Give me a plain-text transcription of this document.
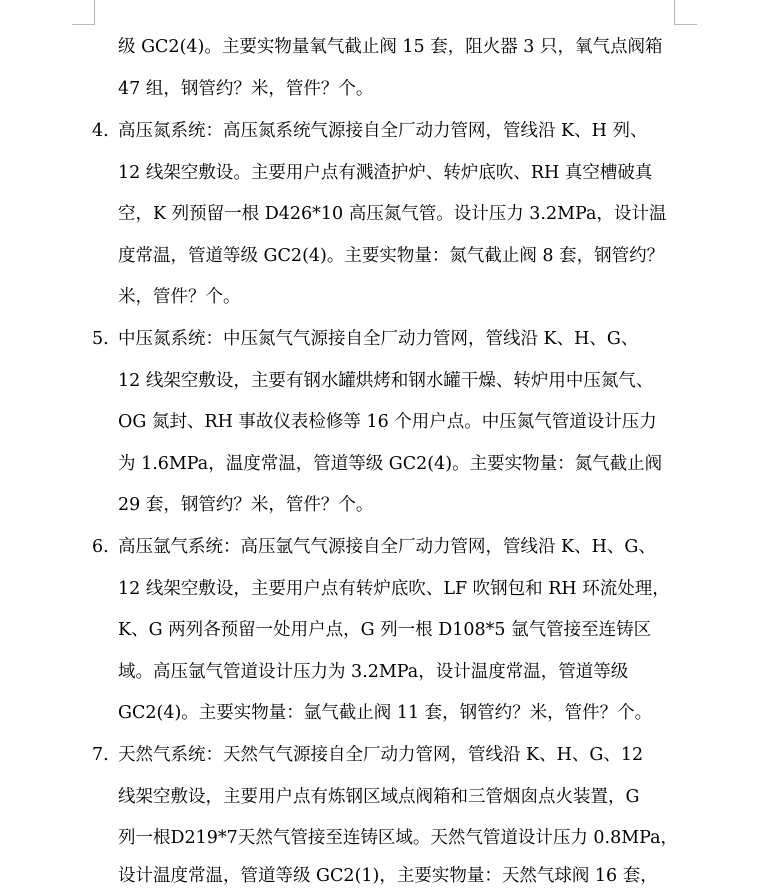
级 GC2(4)。主要实物量氧气截止阀 15 套，阻火器 3 只，氧气点阀箱
47 组，钢管约？米，管件？个。
4. 高压氮系统：高压氮系统气源接自全厂动力管网，管线沿 K、H 列、
12 线架空敷设。主要用户点有溅渣护炉、转炉底吹、RH 真空槽破真
空，K 列预留一根 D426*10 高压氮气管。设计压力 3.2MPa，设计温
度常温，管道等级 GC2(4)。主要实物量：氮气截止阀 8 套，钢管约？
米，管件？个。
5. 中压氮系统：中压氮气气源接自全厂动力管网，管线沿 K、H、G、
12 线架空敷设，主要有钢水罐烘烤和钢水罐干燥、转炉用中压氮气、
OG 氮封、RH 事故仪表检修等 16 个用户点。中压氮气管道设计压力
为 1.6MPa，温度常温，管道等级 GC2(4)。主要实物量：氮气截止阀
29 套，钢管约？米，管件？个。
6. 高压氩气系统：高压氩气气源接自全厂动力管网，管线沿 K、H、G、
12 线架空敷设，主要用户点有转炉底吹、LF 吹钢包和 RH 环流处理，
K、G 两列各预留一处用户点，G 列一根 D108*5 氩气管接至连铸区
域。高压氩气管道设计压力为 3.2MPa，设计温度常温，管道等级
GC2(4)。主要实物量：氩气截止阀 11 套，钢管约？米，管件？个。
7. 天然气系统：天然气气源接自全厂动力管网，管线沿 K、H、G、12
线架空敷设，主要用户点有炼钢区域点阀箱和三管烟囱点火装置，G
列一根D219*7天然气管接至连铸区域。天然气管道设计压力 0.8MPa，
设计温度常温，管道等级 GC2(1)，主要实物量：天然气球阀 16 套，
